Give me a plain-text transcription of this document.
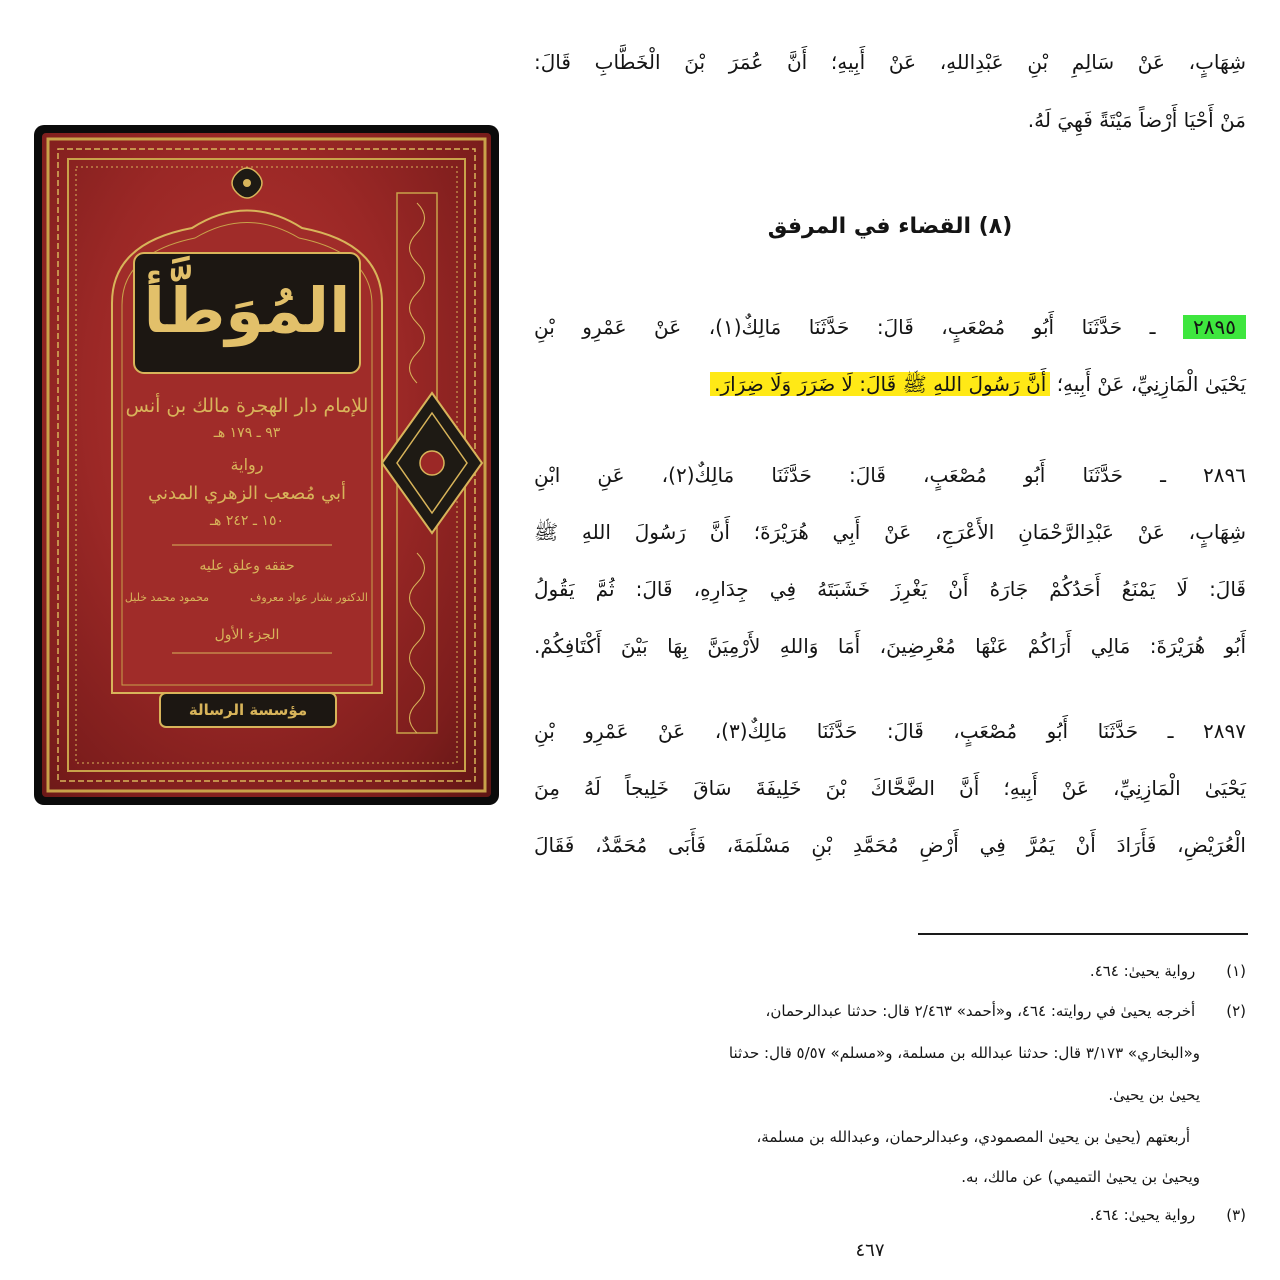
المُوَطَّأ
للإمام دار الهجرة مالك بن أنس
٩٣ ـ ١٧٩ هـ
رواية
أبي مُصعب الزهري المدني
١٥٠ ـ ٢٤٢ هـ
حققه وعلق عليه
الدكتور بشار عواد معروف
محمود محمد خليل
الجزء الأول
مؤسسة الرسالة
شِهَابٍ، عَنْ سَالِمِ بْنِ عَبْدِاللهِ، عَنْ أَبِيهِ؛ أَنَّ عُمَرَ بْنَ الْخَطَّابِ قَالَ:
مَنْ أَحْيَا أَرْضاً مَيْتَةً فَهِيَ لَهُ.
(٨) القضاء في المرفق
٢٨٩٥ ـ حَدَّثَنَا أَبُو مُصْعَبٍ، قَالَ: حَدَّثَنَا مَالِكٌ(١)، عَنْ عَمْرِو بْنِ
يَحْيَىٰ الْمَازِنِيِّ، عَنْ أَبِيهِ؛ أَنَّ رَسُولَ اللهِ ﷺ قَالَ: لَا ضَرَرَ وَلَا ضِرَارَ.
٢٨٩٦ ـ حَدَّثَنَا أَبُو مُصْعَبٍ، قَالَ: حَدَّثَنَا مَالِكٌ(٢)، عَنِ ابْنِ
شِهَابٍ، عَنْ عَبْدِالرَّحْمَانِ الأَعْرَجِ، عَنْ أَبِي هُرَيْرَةَ؛ أَنَّ رَسُولَ اللهِ ﷺ
قَالَ: لَا يَمْنَعُ أَحَدُكُمْ جَارَهُ أَنْ يَغْرِزَ خَشَبَتَهُ فِي جِدَارِهِ، قَالَ: ثُمَّ يَقُولُ
أَبُو هُرَيْرَةَ: مَالِي أَرَاكُمْ عَنْهَا مُعْرِضِينَ، أَمَا وَاللهِ لأَرْمِيَنَّ بِهَا بَيْنَ أَكْتَافِكُمْ.
٢٨٩٧ ـ حَدَّثَنَا أَبُو مُصْعَبٍ، قَالَ: حَدَّثَنَا مَالِكٌ(٣)، عَنْ عَمْرِو بْنِ
يَحْيَىٰ الْمَازِنِيِّ، عَنْ أَبِيهِ؛ أَنَّ الضَّحَّاكَ بْنَ خَلِيفَةَ سَاقَ خَلِيجاً لَهُ مِنَ
الْعُرَيْضِ، فَأَرَادَ أَنْ يَمُرَّ فِي أَرْضِ مُحَمَّدِ بْنِ مَسْلَمَةَ، فَأَبَى مُحَمَّدٌ، فَقَالَ
(١) رواية يحيىٰ: ٤٦٤.
(٢) أخرجه يحيىٰ في روايته: ٤٦٤، و«أحمد» ٢/٤٦٣ قال: حدثنا عبدالرحمان،
و«البخاري» ٣/١٧٣ قال: حدثنا عبدالله بن مسلمة، و«مسلم» ٥/٥٧ قال: حدثنا
يحيىٰ بن يحيىٰ.
أربعتهم (يحيىٰ بن يحيىٰ المصمودي، وعبدالرحمان، وعبدالله بن مسلمة،
ويحيىٰ بن يحيىٰ التميمي) عن مالك، به.
(٣) رواية يحيىٰ: ٤٦٤.
٤٦٧
